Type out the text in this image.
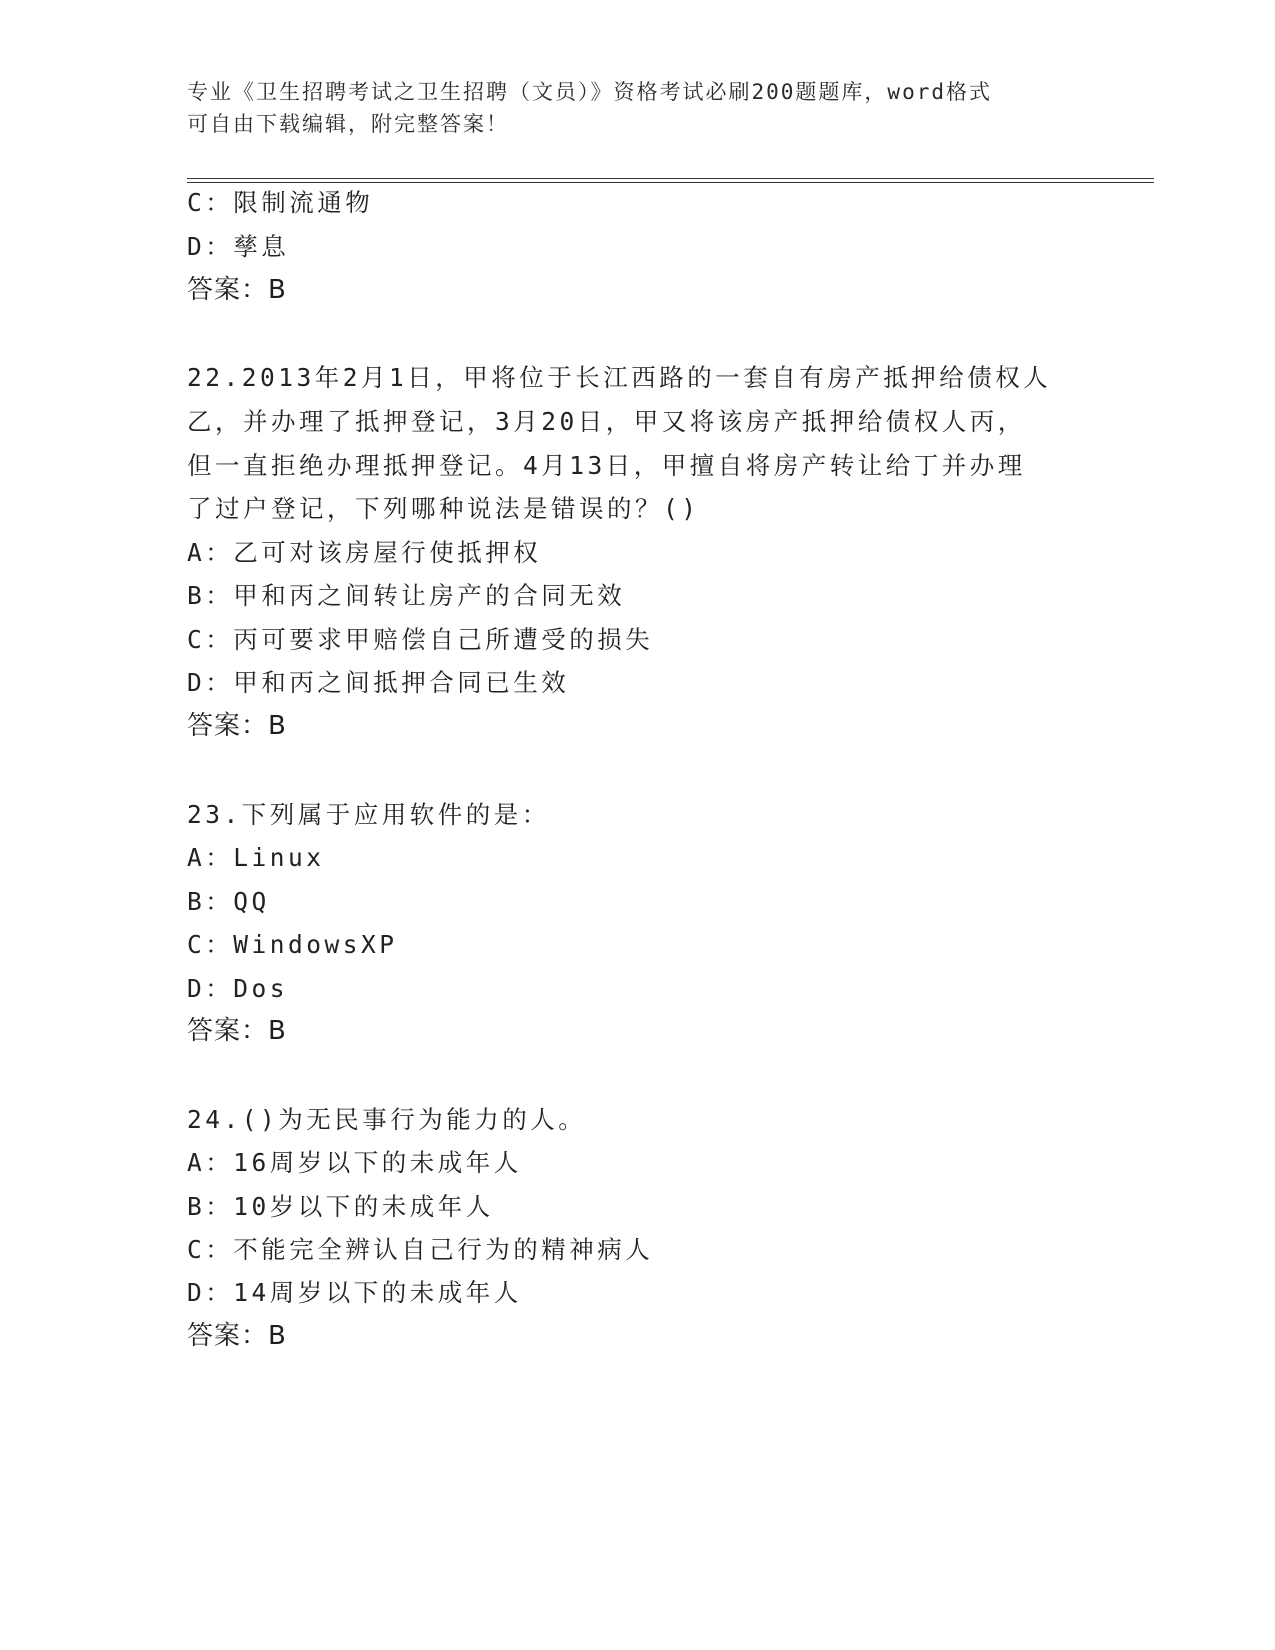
专业《卫生招聘考试之卫生招聘（文员）》资格考试必刷200题题库，word格式
可自由下载编辑，附完整答案！
C：限制流通物
D：孳息
答案：B
22.2013年2月1日，甲将位于长江西路的一套自有房产抵押给债权人
乙，并办理了抵押登记，3月20日，甲又将该房产抵押给债权人丙，
但一直拒绝办理抵押登记。4月13日，甲擅自将房产转让给丁并办理
了过户登记，下列哪种说法是错误的？()
A：乙可对该房屋行使抵押权
B：甲和丙之间转让房产的合同无效
C：丙可要求甲赔偿自己所遭受的损失
D：甲和丙之间抵押合同已生效
答案：B
23.下列属于应用软件的是：
A：Linux
B：QQ
C：WindowsXP
D：Dos
答案：B
24.()为无民事行为能力的人。
A：16周岁以下的未成年人
B：10岁以下的未成年人
C：不能完全辨认自己行为的精神病人
D：14周岁以下的未成年人
答案：B
